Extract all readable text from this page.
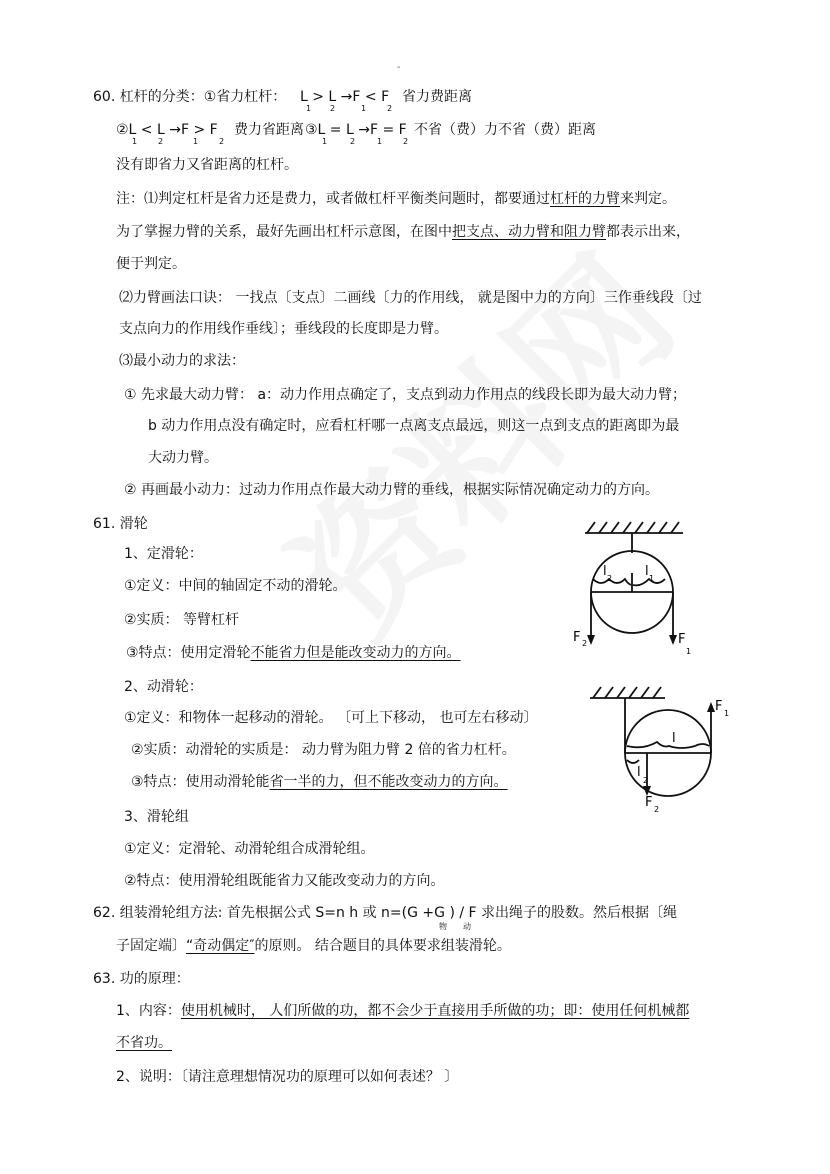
-
60. 杠杆的分类：①省力杠杆： L > L →F < F
1 2	1	2
省力费距离
②L < L →F > F
1	2	1	2
费力省距离 ③L = L →F = F
1	2	1	2
不省（费）力不省（费）距离
没有即省力又省距离的杠杆。
注：⑴判定杠杆是省力还是费力，或者做杠杆平衡类问题时，都要通过杠杆的力臂来判定。
为了掌握力臂的关系，最好先画出杠杆示意图，在图中把支点、动力臂和阻力臂都表示出来，
便于判定。
⑵力臂画法口诀： 一找点〔支点〕二画线〔力的作用线， 就是图中力的方向〕三作垂线段〔过
支点向力的作用线作垂线〕；垂线段的长度即是力臂。
⑶最小动力的求法：
① 先求最大动力臂： a：动力作用点确定了，支点到动力作用点的线段长即为最大动力臂；
b 动力作用点没有确定时，应看杠杆哪一点离支点最远，则这一点到支点的距离即为最
大动力臂。
② 再画最小动力：过动力作用点作最大动力臂的垂线，根据实际情况确定动力的方向。
61. 滑轮
1、定滑轮：
①定义：中间的轴固定不动的滑轮。
②实质： 等臂杠杆
③特点：使用定滑轮不能省力但是能改变动力的方向。
2、动滑轮：
①定义：和物体一起移动的滑轮。 〔可上下移动， 也可左右移动〕
②实质：动滑轮的实质是： 动力臂为阻力臂 2 倍的省力杠杆。
③特点：使用动滑轮能省一半的力，但不能改变动力的方向。
3、滑轮组
①定义：定滑轮、动滑轮组合成滑轮组。
②特点：使用滑轮组既能省力又能改变动力的方向。
62. 组装滑轮组方法: 首先根据公式 S=n h 或 n=(G +G ) / F 求出绳子的股数。然后根据〔绳
物 动
子固定端〕“奇动偶定″的原则。 结合题目的具体要求组装滑轮。
63. 功的原理：
1、内容：使用机械时， 人们所做的功，都不会少于直接用手所做的功；即：使用任何机械都
不省功。
2、说明：〔请注意理想情况功的原理可以如何表述？ 〕
l 2	l 1
F 2	F
1
F 1
l
l
2
F 2
